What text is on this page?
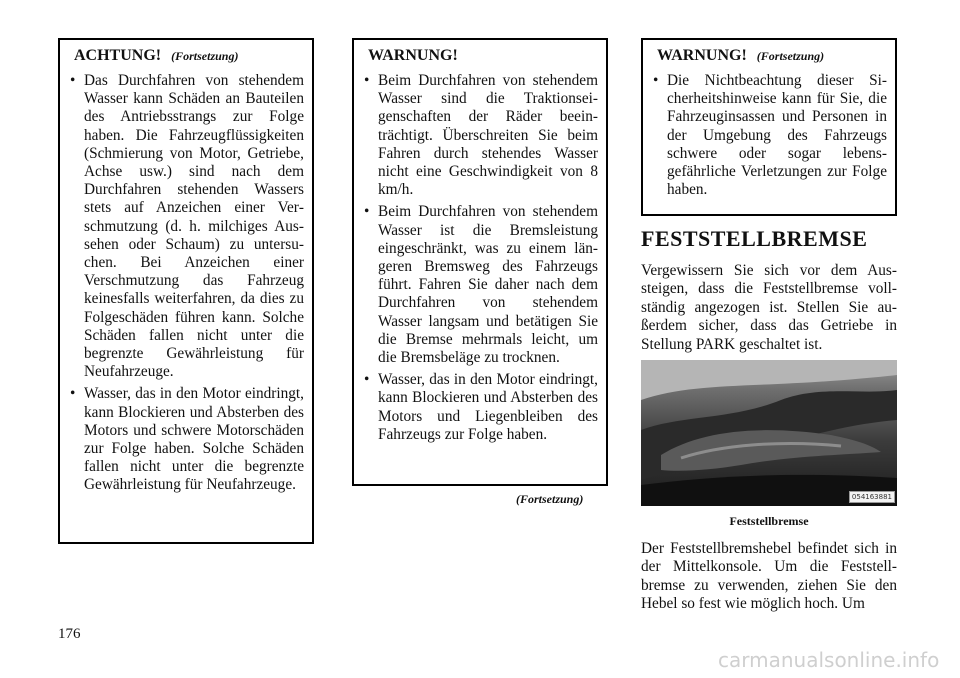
ACHTUNG! (Fortsetzung)
• Das Durchfahren von stehendem Wasser kann Schäden an Bauteilen des Antriebsstrangs zur Folge haben. Die Fahrzeugflüssigkeiten (Schmierung von Motor, Getriebe, Achse usw.) sind nach dem Durchfahren stehenden Wassers stets auf Anzeichen einer Verschmutzung (d. h. milchiges Aussehen oder Schaum) zu untersuchen. Bei Anzeichen einer Verschmutzung das Fahrzeug keinesfalls weiterfahren, da dies zu Folgeschäden führen kann. Solche Schäden fallen nicht unter die begrenzte Gewährleistung für Neufahrzeuge.
• Wasser, das in den Motor eindringt, kann Blockieren und Absterben des Motors und schwere Motorschäden zur Folge haben. Solche Schäden fallen nicht unter die begrenzte Gewährleistung für Neufahrzeuge.
WARNUNG!
• Beim Durchfahren von stehendem Wasser sind die Traktionseigenschaften der Räder beeinträchtigt. Überschreiten Sie beim Fahren durch stehendes Wasser nicht eine Geschwindigkeit von 8 km/h.
• Beim Durchfahren von stehendem Wasser ist die Bremsleistung eingeschränkt, was zu einem längeren Bremsweg des Fahrzeugs führt. Fahren Sie daher nach dem Durchfahren von stehendem Wasser langsam und betätigen Sie die Bremse mehrmals leicht, um die Bremsbeläge zu trocknen.
• Wasser, das in den Motor eindringt, kann Blockieren und Absterben des Motors und Liegenbleiben des Fahrzeugs zur Folge haben.
(Fortsetzung)
WARNUNG! (Fortsetzung)
• Die Nichtbeachtung dieser Sicherheitshinweise kann für Sie, die Fahrzeuginsassen und Personen in der Umgebung des Fahrzeugs schwere oder sogar lebensgefährliche Verletzungen zur Folge haben.
FESTSTELLBREMSE

Vergewissern Sie sich vor dem Aussteigen, dass die Feststellbremse vollständig angezogen ist. Stellen Sie außerdem sicher, dass das Getriebe in Stellung PARK geschaltet ist.

054163881
Feststellbremse

Der Feststellbremshebel befindet sich in der Mittelkonsole. Um die Feststellbremse zu verwenden, ziehen Sie den Hebel so fest wie möglich hoch. Um

176
carmanualsonline.info
